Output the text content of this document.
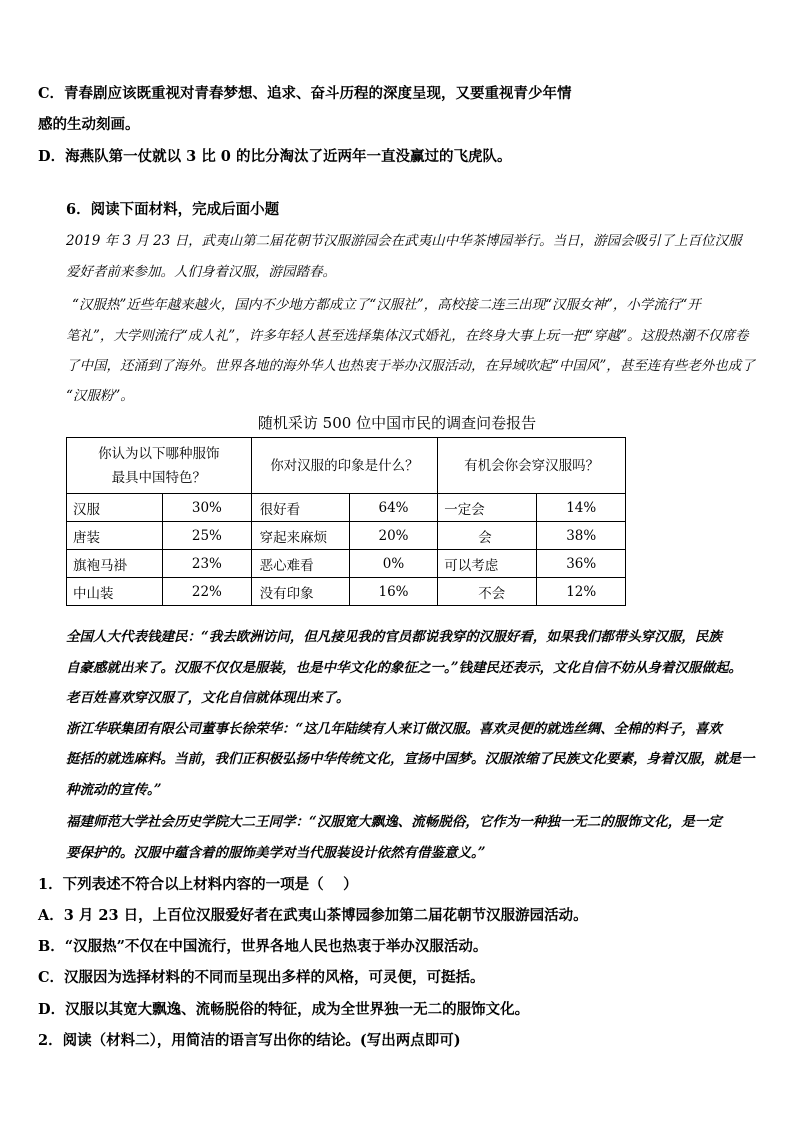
C．青春剧应该既重视对青春梦想、追求、奋斗历程的深度呈现，又要重视青少年情
感的生动刻画。
D．海燕队第一仗就以 3 比 0 的比分淘汰了近两年一直没赢过的飞虎队。
6．阅读下面材料，完成后面小题
2019 年 3 月 23 日，武夷山第二届花朝节汉服游园会在武夷山中华茶博园举行。当日，游园会吸引了上百位汉服
爱好者前来参加。人们身着汉服，游园踏春。
“汉服热”近些年越来越火，国内不少地方都成立了“汉服社”，高校接二连三出现“汉服女神”，小学流行“开
笔礼”，大学则流行“成人礼”，许多年轻人甚至选择集体汉式婚礼，在终身大事上玩一把“穿越”。这股热潮不仅席卷
了中国，还涌到了海外。世界各地的海外华人也热衷于举办汉服活动，在异域吹起“中国风”，甚至连有些老外也成了
“汉服粉”。
随机采访 500 位中国市民的调查问卷报告
你认为以下哪种服饰
最具中国特色？		你对汉服的印象是什么？		有机会你会穿汉服吗？	
汉服	30%	很好看	64%	一定会	14%
唐装	25%	穿起来麻烦	20%	会	38%
旗袍马褂	23%	恶心难看	0%	可以考虑	36%
中山装	22%	没有印象	16%	不会	12%
全国人大代表钱建民：“我去欧洲访问，但凡接见我的官员都说我穿的汉服好看，如果我们都带头穿汉服，民族
自豪感就出来了。汉服不仅仅是服装，也是中华文化的象征之一。”钱建民还表示，文化自信不妨从身着汉服做起。
老百姓喜欢穿汉服了，文化自信就体现出来了。
浙江华联集团有限公司董事长徐荣华：“这几年陆续有人来订做汉服。喜欢灵便的就选丝绸、全棉的料子，喜欢
挺括的就选麻料。当前，我们正积极弘扬中华传统文化，宣扬中国梦。汉服浓缩了民族文化要素，身着汉服，就是一
种流动的宣传。”
福建师范大学社会历史学院大二王同学：“汉服宽大飘逸、流畅脱俗，它作为一种独一无二的服饰文化，是一定
要保护的。汉服中蕴含着的服饰美学对当代服装设计依然有借鉴意义。”
1．下列表述不符合以上材料内容的一项是（　 ）
A．3 月 23 日，上百位汉服爱好者在武夷山茶博园参加第二届花朝节汉服游园活动。
B．“汉服热”不仅在中国流行，世界各地人民也热衷于举办汉服活动。
C．汉服因为选择材料的不同而呈现出多样的风格，可灵便，可挺括。
D．汉服以其宽大飘逸、流畅脱俗的特征，成为全世界独一无二的服饰文化。
2．阅读（材料二），用简洁的语言写出你的结论。(写出两点即可)
